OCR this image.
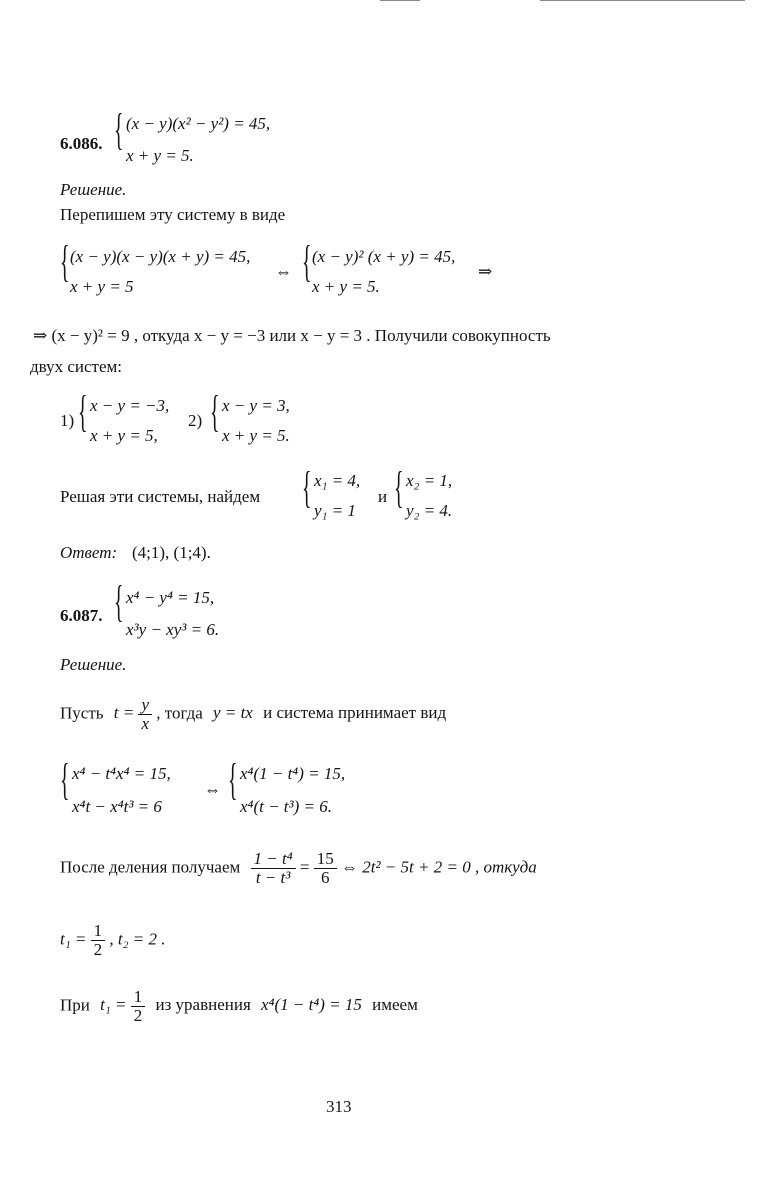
6.086. { (x − y)(x² − y²) = 45,
x + y = 5.
Решение.
Перепишем эту систему в виде
{ (x − y)(x − y)(x + y) = 45,
x + y = 5
⇔ { (x − y)² (x + y) = 45,
x + y = 5.
⇒
⇒ (x − y)² = 9 , откуда x − y = −3 или x − y = 3 . Получили совокупность
двух систем:
1) { x − y = −3,
x + y = 5,
2) { x − y = 3,
x + y = 5.
Решая эти системы, найдем { x₁ = 4,
y₁ = 1
и { x₂ = 1,
y₂ = 4.
Ответ: (4;1), (1;4).
6.087. { x⁴ − y⁴ = 15,
x³y − xy³ = 6.
Решение.
Пусть $t = \frac{y}{x}$ , тогда y = tx и система принимает вид
{ x⁴ − t⁴x⁴ = 15,
x⁴t − x⁴t³ = 6
⇔ { x⁴(1 − t⁴) = 15,
x⁴(t − t³) = 6.
После деления получаем $\frac{\text{1 − t⁴}}{\text{t − t³}} = \frac{15}{6}$ ⇔ 2t² − 5t + 2 = 0 , откуда
$t_1 = \frac{1}{2}$ , t₂ = 2 .
При $t_1 = \frac{1}{2}$ из уравнения x⁴(1 − t⁴) = 15 имеем
313
